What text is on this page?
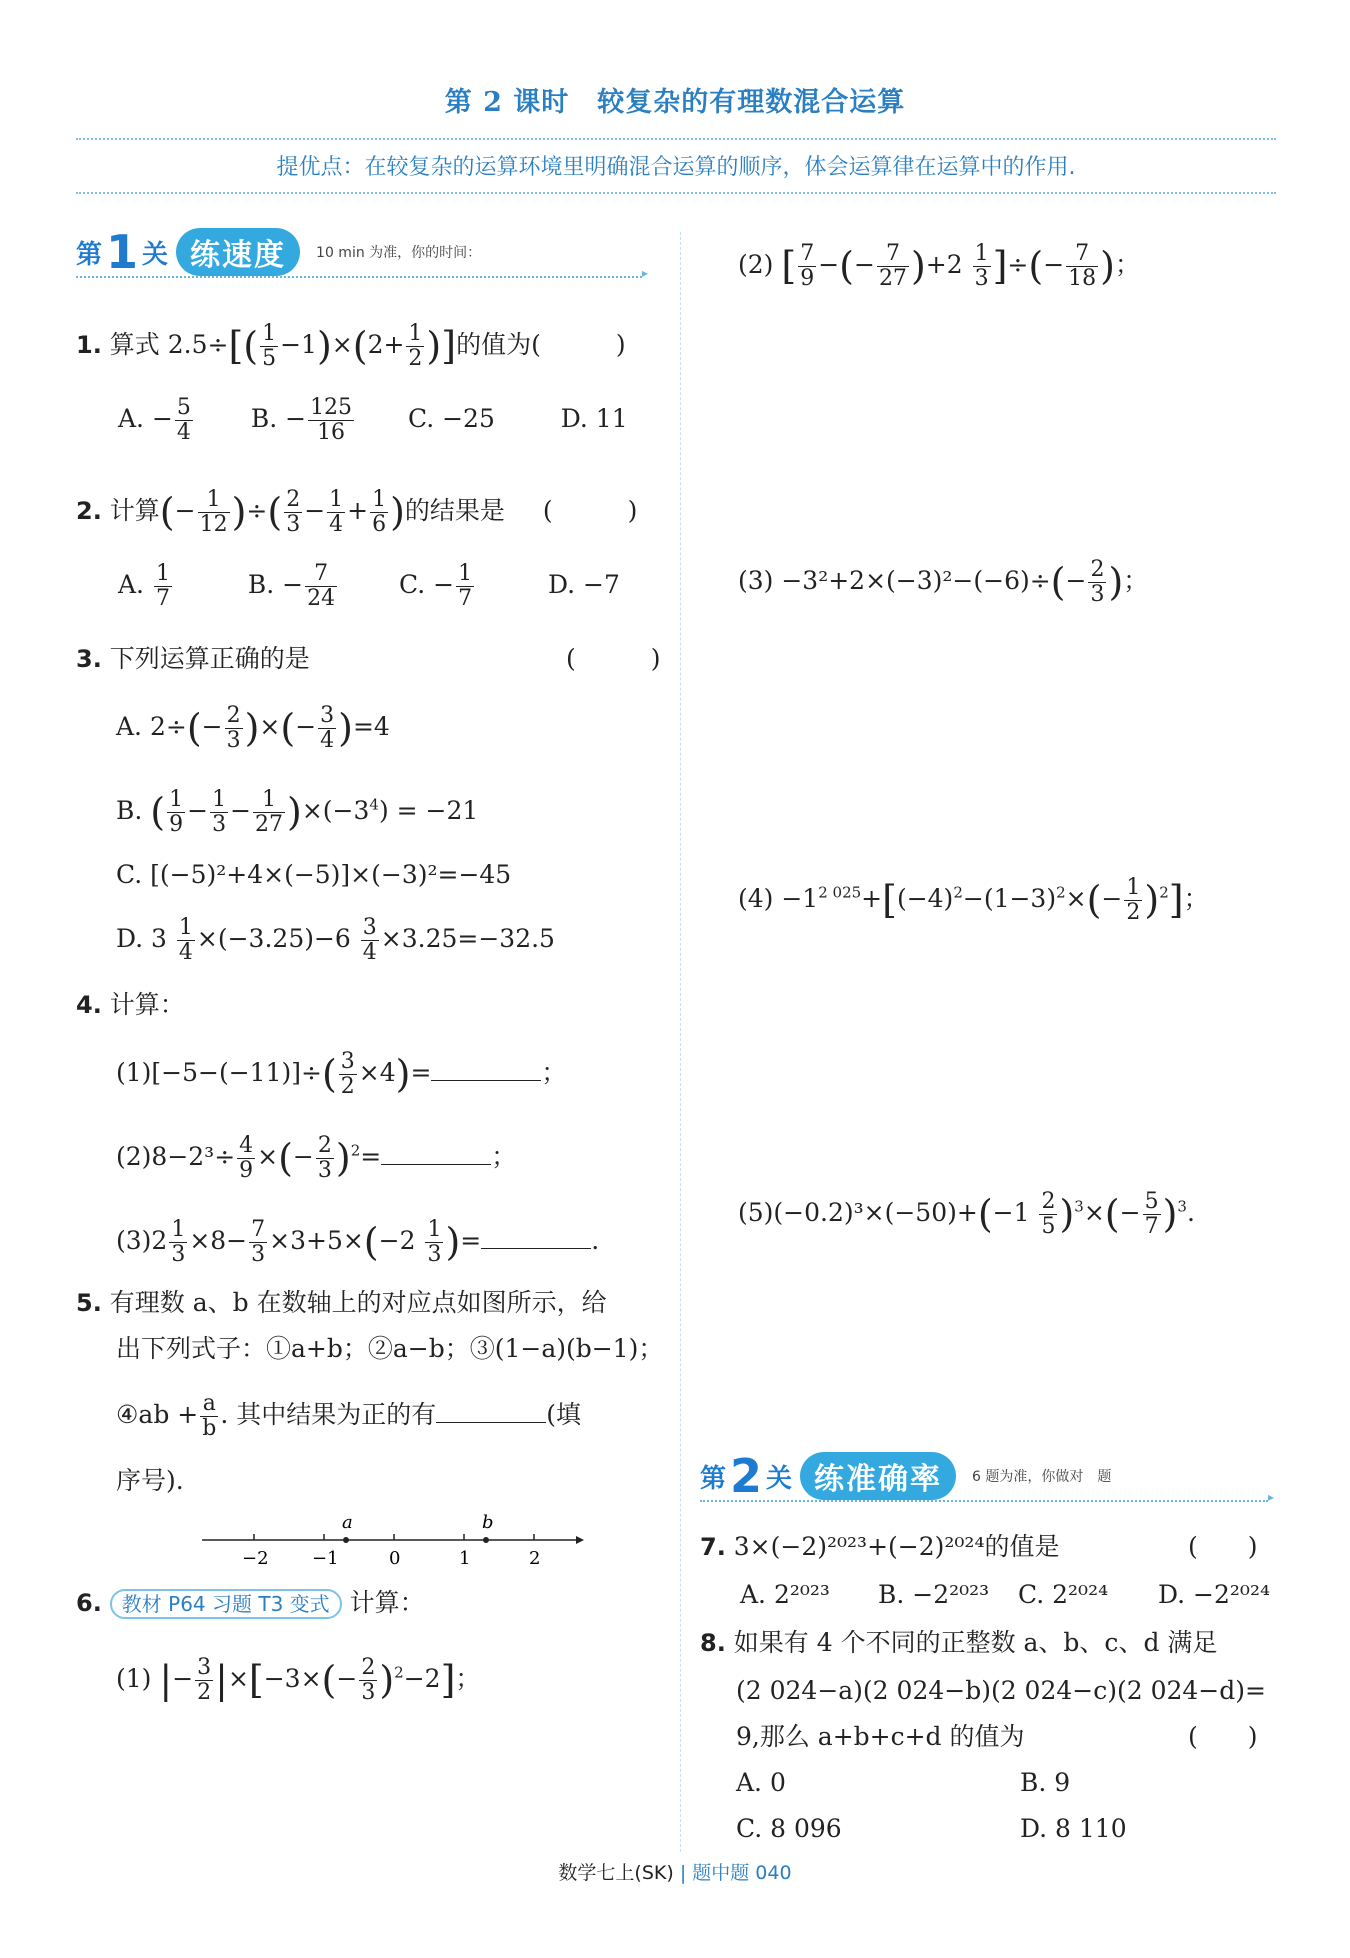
第 2 课时　较复杂的有理数混合运算
提优点：在较复杂的运算环境里明确混合运算的顺序，体会运算律在运算中的作用.
第 1 关 练速度	10 min 为准，你的时间：
▸
1. 算式 $2.5\div[( \frac{1}{5} -1)\times(2+ \frac{1}{2}$ )]的值为(　　　)
A. − $\frac{5}{4} B$. − $\frac{125}{16} C$. −25	D. 11
2. 计算(− $\frac{1}{12}$ )÷( $\frac{2}{3} - \frac{1}{4} + \frac{1}{6}$ )的结果是 (　　　)
A. $\frac{1}{7}$	B. − $\frac{7}{24} C$. − $\frac{1}{7}$	D. −7
3. 下列运算正确的是	(　　　)
A. $2\div(- \frac{2}{3}$ )×(− $\frac{3}{4} )=4$
B. ( $\frac{1}{9} - \frac{1}{3} - \frac{1}{27} )\times(-3^4) = -21$
C. [(−5)²+4×(−5)]×(−3)²=−45
D. $3 \frac{1}{4} \times(-3.25)-6 \frac{3}{4} \times 3.25=-32.5$
4. 计算：
$(1)[-5-(-11)]\div( \frac{3}{2} \times 4)=$	；
$(2)8-2^3\div \frac{4}{9}$ ×(− $\frac{2}{3} )^2=$	；
$(3)2 \frac{1}{3} \times 8- \frac{7}{3} \times 3+5\times(-2 \frac{1}{3}$ )=	.
5. 有理数 a、b 在数轴上的对应点如图所示，给
出下列式子：①a+b；②a−b；③(1−a)(b−1)；
④ab + $\frac{a}{b}$ . 其中结果为正的有	(填
序号).
a	b
−2 −1	0	1	2
6. 教材 P64 习题 T3 变式 计算：
(1) |− $\frac{3}{2} |\times[-3\times(- \frac{2}{3} )^2-2]$；
(2) [ $\frac{7}{9}$ −(− $\frac{7}{27} )+2 \frac{1}{3}$ ]÷(− $\frac{7}{18}$ )；
$(3) -3^2+2\times(-3)^2-(-6)\div(- \frac{2}{3}$ )；
$(4) -1^{2 025}+[(-4)^2-(1-3)^2\times(- \frac{1}{2} )^2]$；
$(5)(-0.2)^3\times(-50)+(-1 \frac{2}{5} )^3\times(- \frac{5}{7} )^3$.
第 2 关 练准确率	6 题为准，你做对　题
▸
7. 3×(−2)²⁰²³+(−2)²⁰²⁴的值是	(　　)
A. 2²⁰²³ B. −2²⁰²³ C. 2²⁰²⁴ D. −2²⁰²⁴
8. 如果有 4 个不同的正整数 a、b、c、d 满足
(2 024−a)(2 024−b)(2 024−c)(2 024−d)=
9,那么 a+b+c+d 的值为	(　　)
A. 0	B. 9
C. 8 096	D. 8 110
数学七上(SK) | 题中题 040
